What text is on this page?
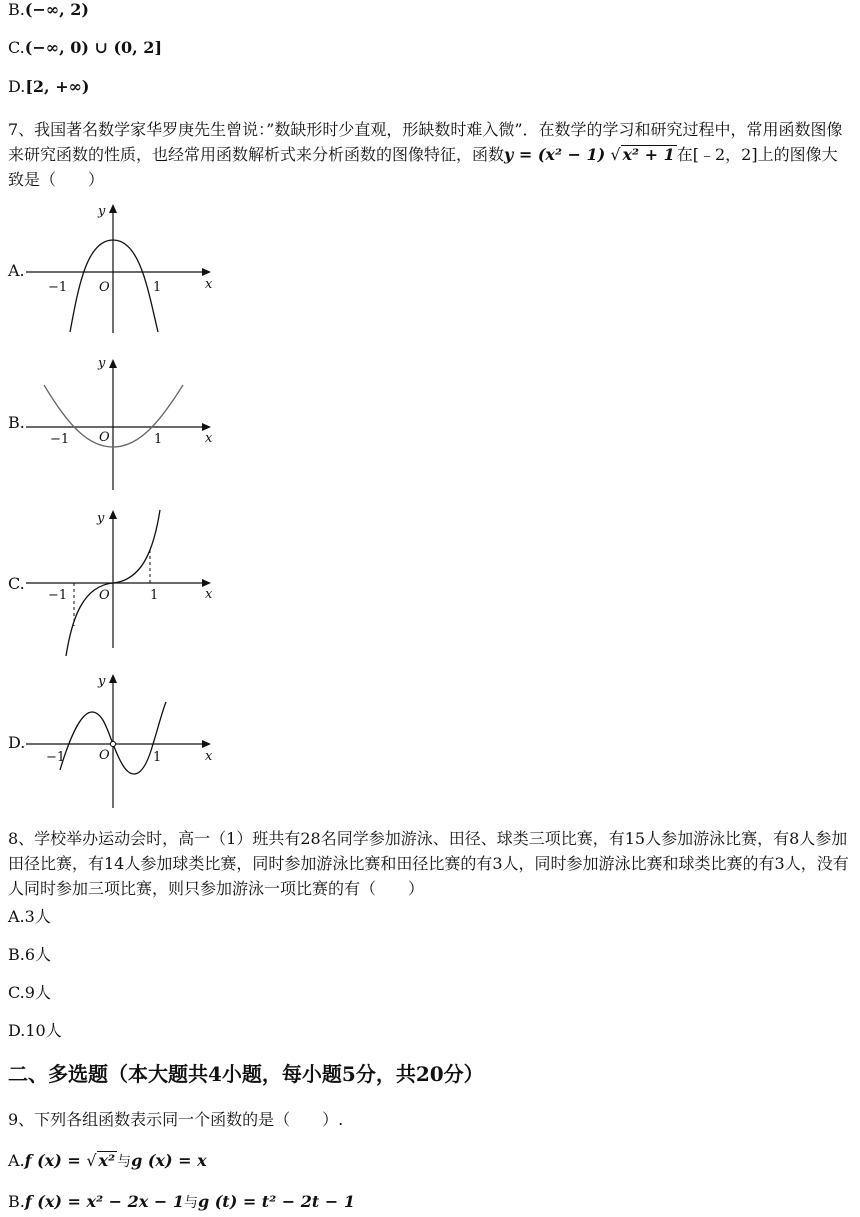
B.(−∞, 2)
C.(−∞, 0) ∪ (0, 2]
D.[2, +∞)
7、我国著名数学家华罗庚先生曾说：”数缺形时少直观，形缺数时难入微”．在数学的学习和研究过程中，常用函数图像来研究函数的性质，也经常用函数解析式来分析函数的图像特征，函数y = (x² − 1) √ x² + 1 在[﹣2，2]上的图像大致是（　　）
A.
y
x
O
−1	1
B.
y
x
O
−1	1
C.
y
x
O
−1	1
D.
y
x
O
−1	1
8、学校举办运动会时，高一（1）班共有28名同学参加游泳、田径、球类三项比赛，有15人参加游泳比赛，有8人参加田径比赛，有14人参加球类比赛，同时参加游泳比赛和田径比赛的有3人，同时参加游泳比赛和球类比赛的有3人，没有人同时参加三项比赛，则只参加游泳一项比赛的有（　　）
A.3人
B.6人
C.9人
D.10人
二、多选题（本大题共4小题，每小题5分，共20分）
9、下列各组函数表示同一个函数的是（　　）.
A.f (x) = √ x² 与g (x) = x
B.f (x) = x² − 2x − 1与g (t) = t² − 2t − 1
